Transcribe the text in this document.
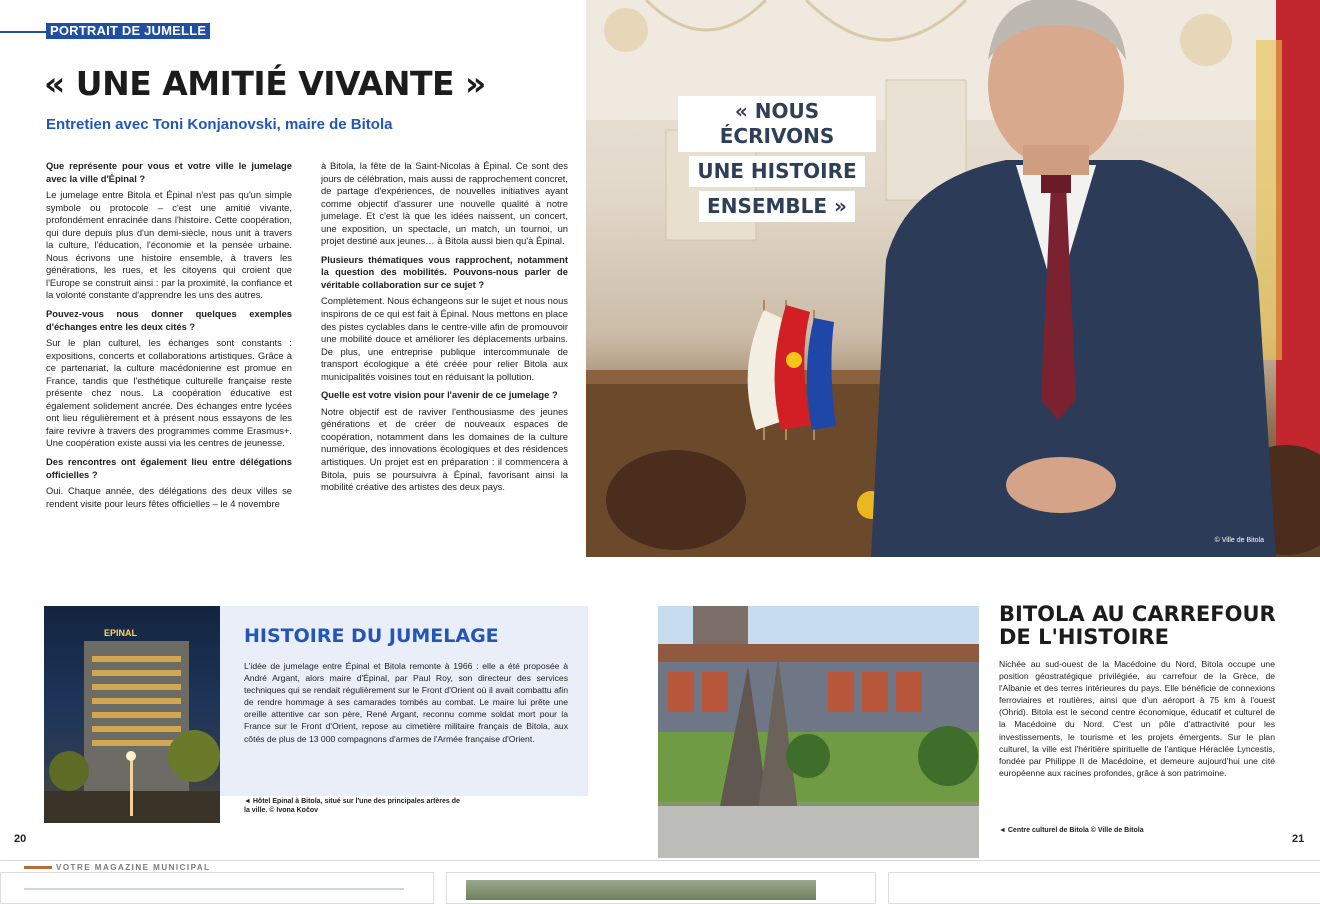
PORTRAIT DE JUMELLE
« UNE AMITIÉ VIVANTE »
Entretien avec Toni Konjanovski, maire de Bitola

Que représente pour vous et votre ville le jumelage avec la ville d'Épinal ?

Le jumelage entre Bitola et Épinal n'est pas qu'un simple symbole ou protocole – c'est une amitié vivante, profondément enracinée dans l'histoire. Cette coopération, qui dure depuis plus d'un demi-siècle, nous unit à travers la culture, l'éducation, l'économie et la pensée urbaine. Nous écrivons une histoire ensemble, à travers les générations, les rues, et les citoyens qui croient que l'Europe se construit ainsi : par la proximité, la confiance et la volonté constante d'apprendre les uns des autres.

Pouvez-vous nous donner quelques exemples d'échanges entre les deux cités ?

Sur le plan culturel, les échanges sont constants : expositions, concerts et collaborations artistiques. Grâce à ce partenariat, la culture macédonienne est promue en France, tandis que l'esthétique culturelle française reste présente chez nous. La coopération éducative est également solidement ancrée. Des échanges entre lycées ont lieu régulièrement et à présent nous essayons de les faire revivre à travers des programmes comme Erasmus+. Une coopération existe aussi via les centres de jeunesse.

Des rencontres ont également lieu entre délégations officielles ?

Oui. Chaque année, des délégations des deux villes se rendent visite pour leurs fêtes officielles – le 4 novembre

à Bitola, la fête de la Saint-Nicolas à Épinal. Ce sont des jours de célébration, mais aussi de rapprochement concret, de partage d'expériences, de nouvelles initiatives ayant comme objectif d'assurer une nouvelle qualité à notre jumelage. Et c'est là que les idées naissent, un concert, une exposition, un spectacle, un match, un tournoi, un projet destiné aux jeunes… à Bitola aussi bien qu'à Épinal.

Plusieurs thématiques vous rapprochent, notamment la question des mobilités. Pouvons-nous parler de véritable collaboration sur ce sujet ?

Complètement. Nous échangeons sur le sujet et nous nous inspirons de ce qui est fait à Épinal. Nous mettons en place des pistes cyclables dans le centre-ville afin de promouvoir une mobilité douce et améliorer les déplacements urbains. De plus, une entreprise publique intercommunale de transport écologique a été créée pour relier Bitola aux municipalités voisines tout en réduisant la pollution.

Quelle est votre vision pour l'avenir de ce jumelage ?

Notre objectif est de raviver l'enthousiasme des jeunes générations et de créer de nouveaux espaces de coopération, notamment dans les domaines de la culture numérique, des innovations écologiques et des résidences artistiques. Un projet est en préparation : il commencera à Bitola, puis se poursuivra à Épinal, favorisant ainsi la mobilité créative des artistes des deux pays.

« NOUS ÉCRIVONS
UNE HISTOIRE
ENSEMBLE »
© Ville de Bitola
EPINAL	HISTOIRE DU JUMELAGE

L'idée de jumelage entre Épinal et Bitola remonte à 1966 : elle a été proposée à André Argant, alors maire d'Épinal, par Paul Roy, son directeur des services techniques qui se rendait régulièrement sur le Front d'Orient où il avait combattu afin de rendre hommage à ses camarades tombés au combat. Le maire lui prête une oreille attentive car son père, René Argant, reconnu comme soldat mort pour la France sur le Front d'Orient, repose au cimetière militaire français de Bitola, aux côtés de plus de 13 000 compagnons d'armes de l'Armée française d'Orient.

◄ Hôtel Epinal à Bitola, situé sur l'une des principales artères de la ville. © Ivona Kočov
20
BITOLA AU CARREFOUR DE L'HISTOIRE

Nichée au sud-ouest de la Macédoine du Nord, Bitola occupe une position géostratégique privilégiée, au carrefour de la Grèce, de l'Albanie et des terres intérieures du pays. Elle bénéficie de connexions ferroviaires et routières, ainsi que d'un aéroport à 75 km à l'ouest (Ohrid). Bitola est le second centre économique, éducatif et culturel de la Macédoine du Nord. C'est un pôle d'attractivité pour les investissements, le tourisme et les projets émergents. Sur le plan culturel, la ville est l'héritière spirituelle de l'antique Héraclée Lyncestis, fondée par Philippe II de Macédoine, et demeure aujourd'hui une cité européenne aux racines profondes, grâce à son patrimoine.

◄ Centre culturel de Bitola © Ville de Bitola
21
VOTRE MAGAZINE MUNICIPAL
